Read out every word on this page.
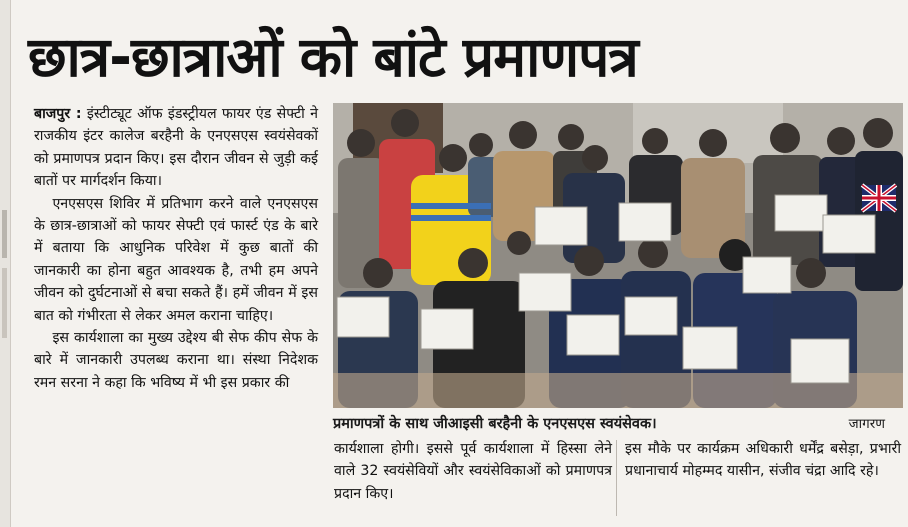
छात्र-छात्राओं को बांटे प्रमाणपत्र

बाजपुर : इंस्टीट्यूट ऑफ इंडस्ट्रीयल फायर एंड सेफ्टी ने राजकीय इंटर कालेज बरहैनी के एनएसएस स्वयंसेवकों को प्रमाणपत्र प्रदान किए। इस दौरान जीवन से जुड़ी कई बातों पर मार्गदर्शन किया।

एनएसएस शिविर में प्रतिभाग करने वाले एनएसएस के छात्र-छात्राओं को फायर सेफ्टी एवं फार्स्ट एंड के बारे में बताया कि आधुनिक परिवेश में कुछ बातों की जानकारी का होना बहुत आवश्यक है, तभी हम अपने जीवन को दुर्घटनाओं से बचा सकते हैं। हमें जीवन में इस बात को गंभीरता से लेकर अमल कराना चाहिए।

इस कार्यशाला का मुख्य उद्देश्य बी सेफ कीप सेफ के बारे में जानकारी उपलब्ध कराना था। संस्था निदेशक रमन सरना ने कहा कि भविष्य में भी इस प्रकार की

प्रमाणपत्रों के साथ जीआइसी बरहैनी के एनएसएस स्वयंसेवक।	जागरण

कार्यशाला होगी। इससे पूर्व कार्यशाला में हिस्सा लेने वाले 32 स्वयंसेवियों और स्वयंसेविकाओं को प्रमाणपत्र प्रदान किए।

इस मौके पर कार्यक्रम अधिकारी धर्मेंद्र बसेड़ा, प्रभारी प्रधानाचार्य मोहम्मद यासीन, संजीव चंद्रा आदि रहे।
